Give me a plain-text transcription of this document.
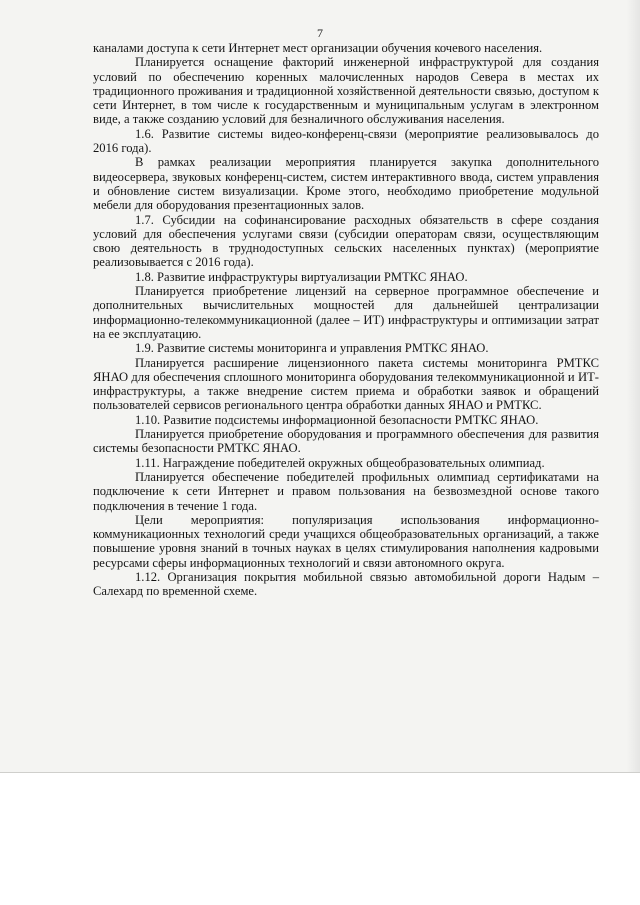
7

каналами доступа к сети Интернет мест организации обучения кочевого населения.

Планируется оснащение факторий инженерной инфраструктурой для создания условий по обеспечению коренных малочисленных народов Севера в местах их традиционного проживания и традиционной хозяйственной деятельности связью, доступом к сети Интернет, в том числе к государственным и муниципальным услугам в электронном виде, а также созданию условий для безналичного обслуживания населения.

1.6. Развитие системы видео-конференц-связи (мероприятие реализовывалось до 2016 года).

В рамках реализации мероприятия планируется закупка дополнительного видеосервера, звуковых конференц-систем, систем интерактивного ввода, систем управления и обновление систем визуализации. Кроме этого, необходимо приобретение модульной мебели для оборудования презентационных залов.

1.7. Субсидии на софинансирование расходных обязательств в сфере создания условий для обеспечения услугами связи (субсидии операторам связи, осуществляющим свою деятельность в труднодоступных сельских населенных пунктах) (мероприятие реализовывается с 2016 года).

1.8. Развитие инфраструктуры виртуализации РМТКС ЯНАО.

Планируется приобретение лицензий на серверное программное обеспечение и дополнительных вычислительных мощностей для дальнейшей централизации информационно-телекоммуникационной (далее – ИТ) инфраструктуры и оптимизации затрат на ее эксплуатацию.

1.9. Развитие системы мониторинга и управления РМТКС ЯНАО.

Планируется расширение лицензионного пакета системы мониторинга РМТКС ЯНАО для обеспечения сплошного мониторинга оборудования телекоммуникационной и ИТ-инфраструктуры, а также внедрение систем приема и обработки заявок и обращений пользователей сервисов регионального центра обработки данных ЯНАО и РМТКС.

1.10. Развитие подсистемы информационной безопасности РМТКС ЯНАО.

Планируется приобретение оборудования и программного обеспечения для развития системы безопасности РМТКС ЯНАО.

1.11. Награждение победителей окружных общеобразовательных олимпиад.

Планируется обеспечение победителей профильных олимпиад сертификатами на подключение к сети Интернет и правом пользования на безвозмездной основе такого подключения в течение 1 года.

Цели мероприятия: популяризация использования информационно-коммуникационных технологий среди учащихся общеобразовательных организаций, а также повышение уровня знаний в точных науках в целях стимулирования наполнения кадровыми ресурсами сферы информационных технологий и связи автономного округа.

1.12. Организация покрытия мобильной связью автомобильной дороги Надым – Салехард по временной схеме.
